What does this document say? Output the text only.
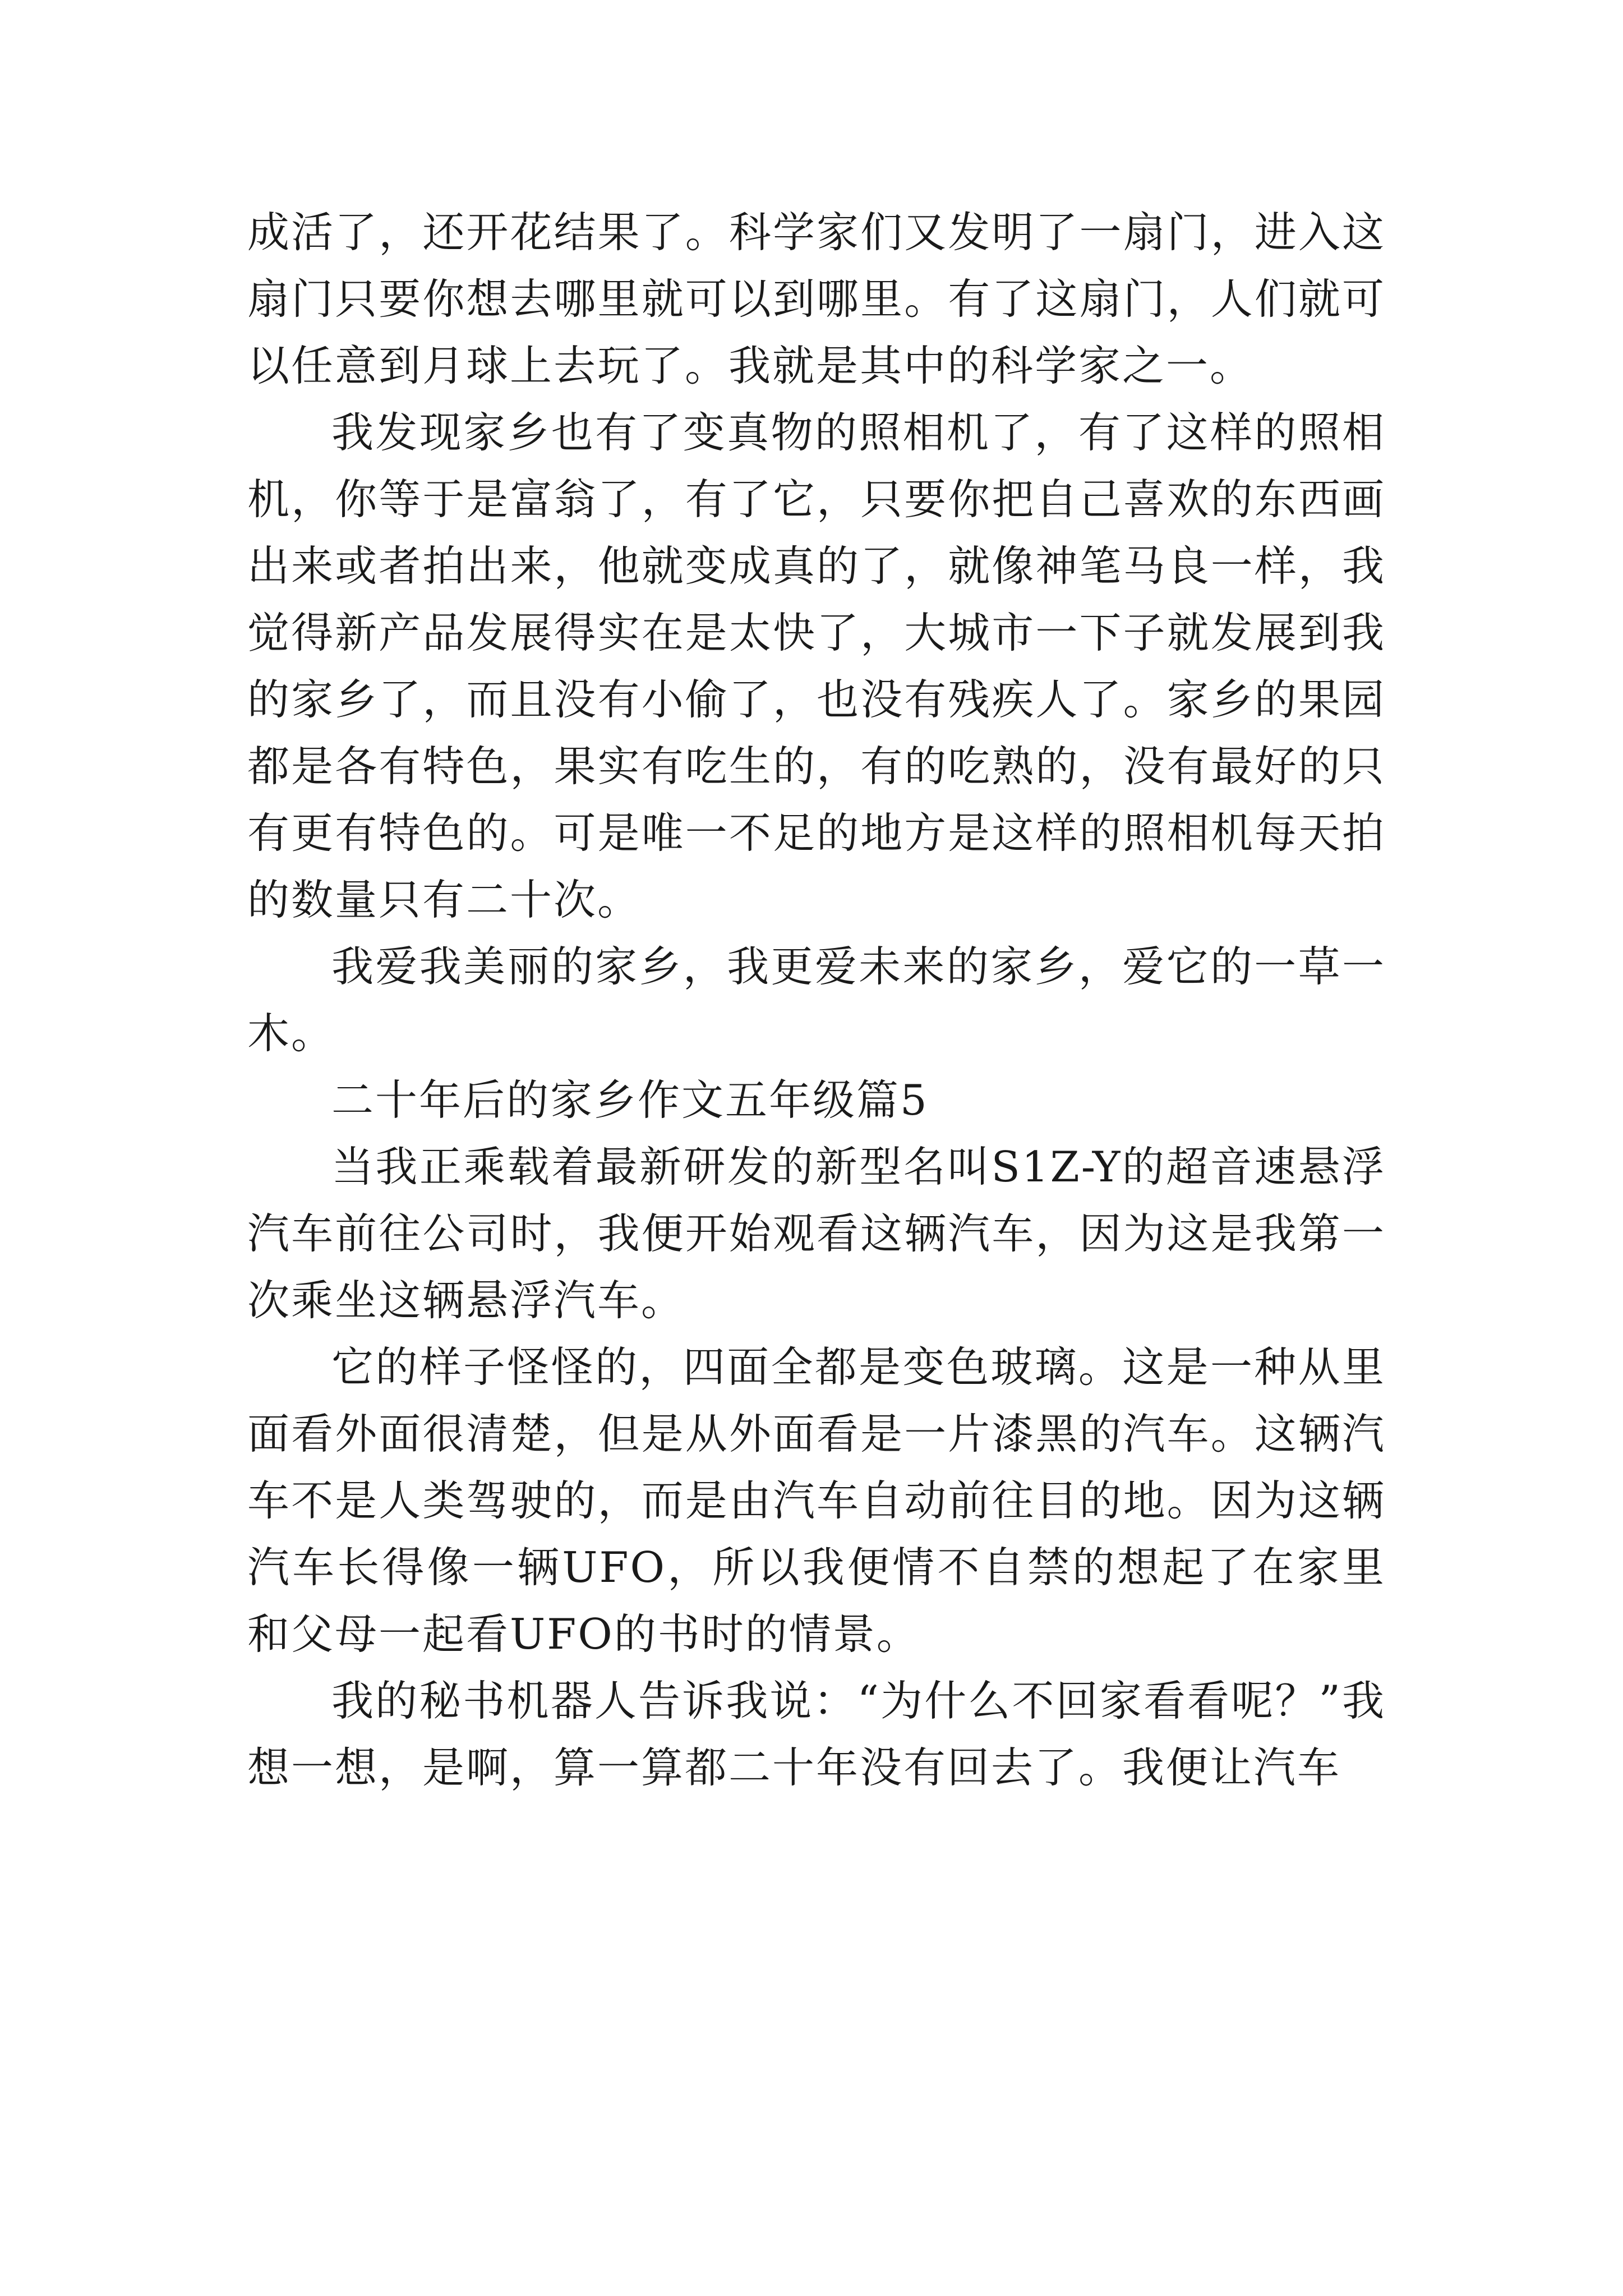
成活了，还开花结果了。科学家们又发明了一扇门，进入这扇门只要你想去哪里就可以到哪里。有了这扇门，人们就可以任意到月球上去玩了。我就是其中的科学家之一。

我发现家乡也有了变真物的照相机了，有了这样的照相机，你等于是富翁了，有了它，只要你把自己喜欢的东西画出来或者拍出来，他就变成真的了，就像神笔马良一样，我觉得新产品发展得实在是太快了，大城市一下子就发展到我的家乡了，而且没有小偷了，也没有残疾人了。家乡的果园都是各有特色，果实有吃生的，有的吃熟的，没有最好的只有更有特色的。可是唯一不足的地方是这样的照相机每天拍的数量只有二十次。

我爱我美丽的家乡，我更爱未来的家乡，爱它的一草一木。

二十年后的家乡作文五年级篇5

当我正乘载着最新研发的新型名叫S1Z-Y的超音速悬浮汽车前往公司时，我便开始观看这辆汽车，因为这是我第一次乘坐这辆悬浮汽车。

它的样子怪怪的，四面全都是变色玻璃。这是一种从里面看外面很清楚，但是从外面看是一片漆黑的汽车。这辆汽车不是人类驾驶的，而是由汽车自动前往目的地。因为这辆汽车长得像一辆UFO，所以我便情不自禁的想起了在家里和父母一起看UFO的书时的情景。

我的秘书机器人告诉我说：“为什么不回家看看呢？”我想一想，是啊，算一算都二十年没有回去了。我便让汽车
